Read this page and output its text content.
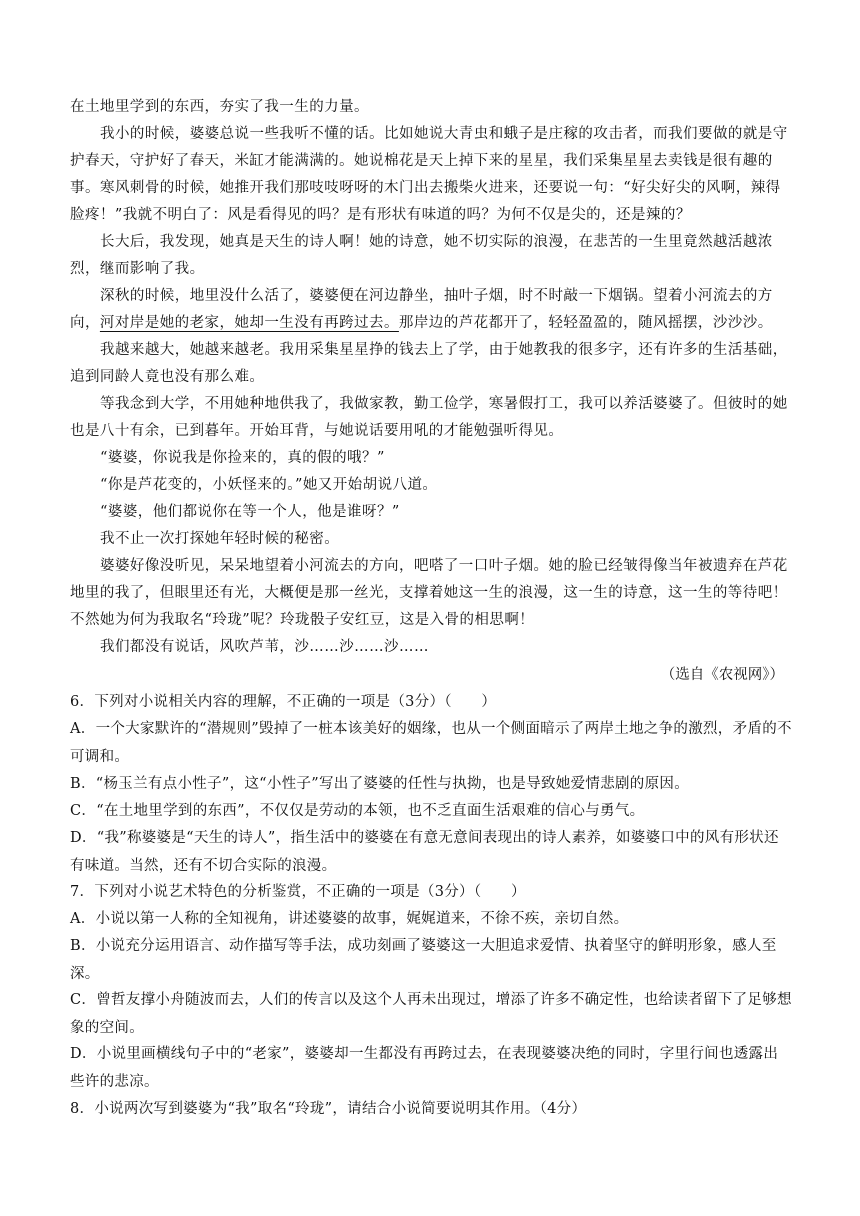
在土地里学到的东西，夯实了我一生的力量。

我小的时候，婆婆总说一些我听不懂的话。比如她说大青虫和蛾子是庄稼的攻击者，而我们要做的就是守护春天，守护好了春天，米缸才能满满的。她说棉花是天上掉下来的星星，我们采集星星去卖钱是很有趣的事。 寒风刺骨的时候，她推开我们那吱吱呀呀的木门出去搬柴火进来，还要说一句：“好尖好尖的风啊，辣得脸疼！”我就不明白了：风是看得见的吗？是有形状有味道的吗？为何不仅是尖的，还是辣的？

长大后，我发现，她真是天生的诗人啊！她的诗意，她不切实际的浪漫，在悲苦的一生里竟然越活越浓烈，继而影响了我。

深秋的时候，地里没什么活了，婆婆便在河边静坐，抽叶子烟，时不时敲一下烟锅。望着小河流去的方向，河对岸是她的老家，她却一生没有再跨过去。那岸边的芦花都开了，轻轻盈盈的，随风摇摆，沙沙沙。

我越来越大，她越来越老。我用采集星星挣的钱去上了学，由于她教我的很多字，还有许多的生活基础，追到同龄人竟也没有那么难。

等我念到大学，不用她种地供我了，我做家教，勤工俭学，寒暑假打工，我可以养活婆婆了。但彼时的她也是八十有余，已到暮年。开始耳背，与她说话要用吼的才能勉强听得见。

“婆婆，你说我是你捡来的，真的假的哦？”

“你是芦花变的，小妖怪来的。”她又开始胡说八道。

“婆婆，他们都说你在等一个人，他是谁呀？”

我不止一次打探她年轻时候的秘密。

婆婆好像没听见，呆呆地望着小河流去的方向，吧嗒了一口叶子烟。她的脸已经皱得像当年被遗弃在芦花地里的我了，但眼里还有光，大概便是那一丝光，支撑着她这一生的浪漫，这一生的诗意，这一生的等待吧！不然她为何为我取名“玲珑”呢？玲珑骰子安红豆，这是入骨的相思啊！

我们都没有说话，风吹芦苇，沙……沙……沙……

（选自《农视网》）

6．下列对小说相关内容的理解，不正确的一项是（3分）（　　）

A．一个大家默许的“潜规则”毁掉了一桩本该美好的姻缘，也从一个侧面暗示了两岸土地之争的激烈，矛盾的不可调和。

B．“杨玉兰有点小性子”，这“小性子”写出了婆婆的任性与执拗，也是导致她爱情悲剧的原因。

C．“在土地里学到的东西”，不仅仅是劳动的本领，也不乏直面生活艰难的信心与勇气。

D．“我”称婆婆是“天生的诗人”，指生活中的婆婆在有意无意间表现出的诗人素养，如婆婆口中的风有形状还有味道。当然，还有不切合实际的浪漫。

7．下列对小说艺术特色的分析鉴赏，不正确的一项是（3分）（　　）

A．小说以第一人称的全知视角，讲述婆婆的故事，娓娓道来，不徐不疾，亲切自然。

B．小说充分运用语言、动作描写等手法，成功刻画了婆婆这一大胆追求爱情、执着坚守的鲜明形象，感人至深。

C．曾哲友撑小舟随波而去，人们的传言以及这个人再未出现过，增添了许多不确定性，也给读者留下了足够想象的空间。

D．小说里画横线句子中的“老家”，婆婆却一生都没有再跨过去，在表现婆婆决绝的同时，字里行间也透露出些许的悲凉。

8．小说两次写到婆婆为“我”取名“玲珑”，请结合小说简要说明其作用。（4分）
